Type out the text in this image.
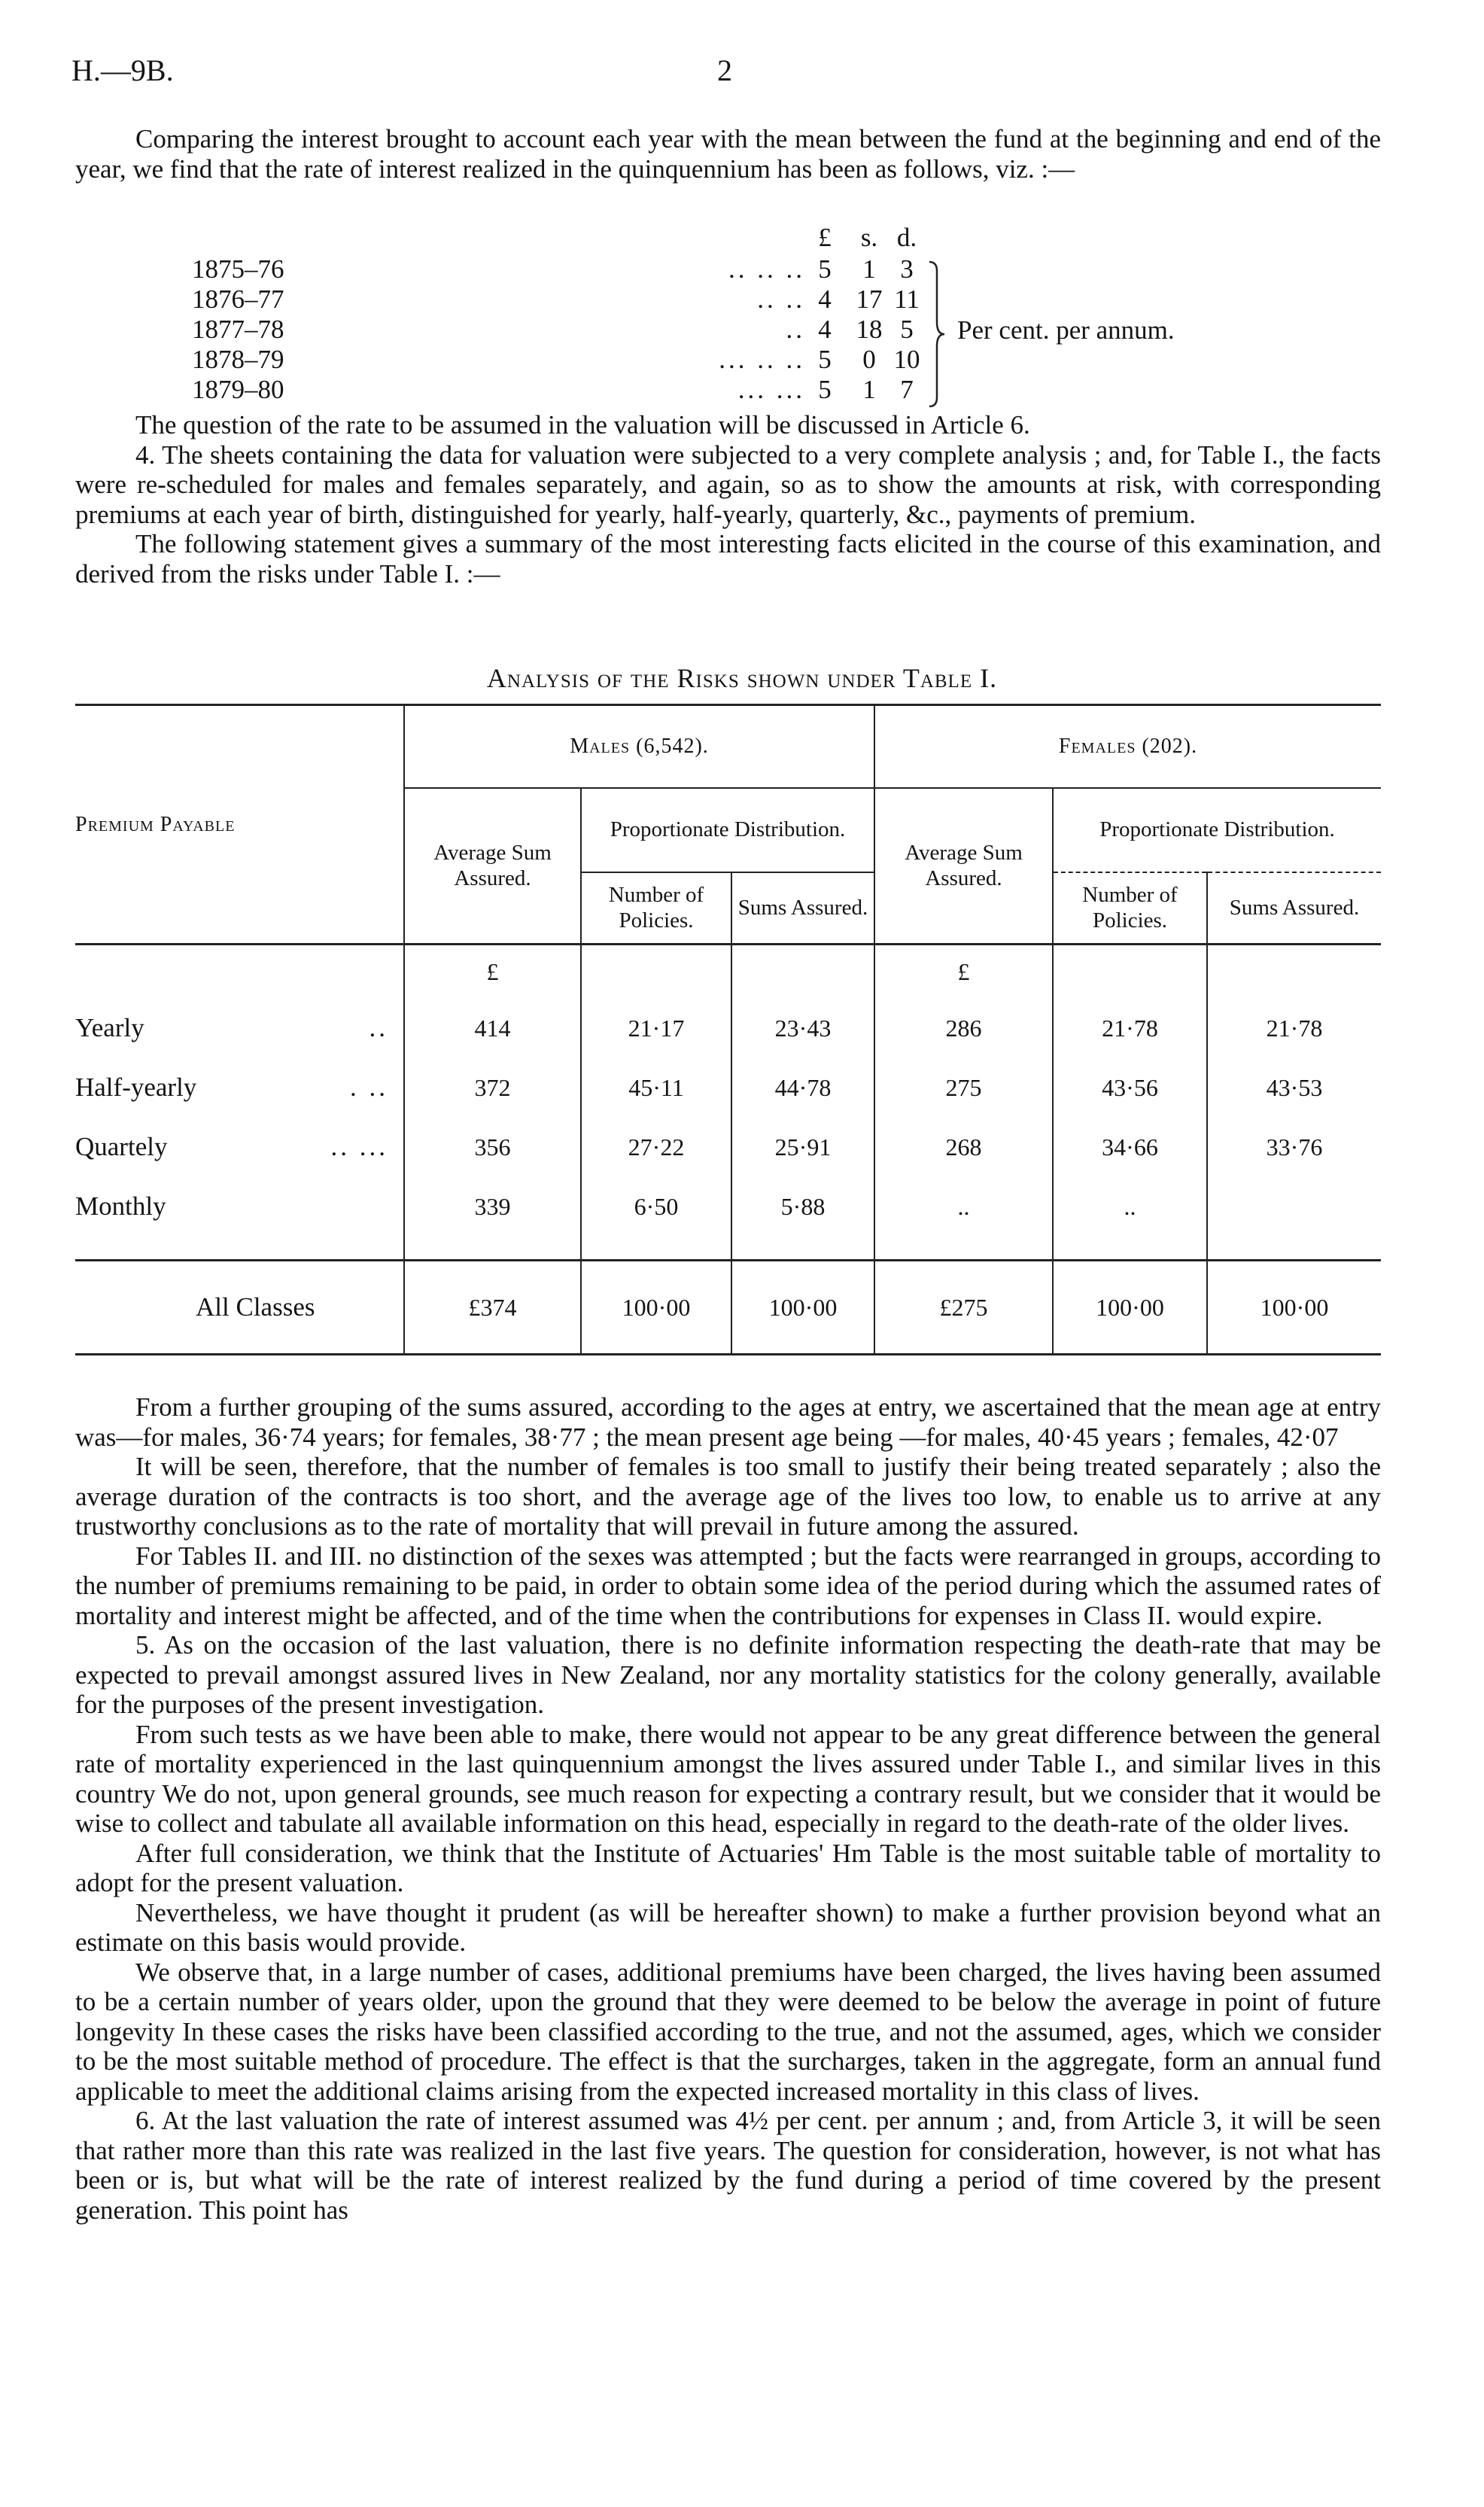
H.—9B.	2

Comparing the interest brought to account each year with the mean between the fund at the beginning and end of the year, we find that the rate of interest realized in the quinquennium has been as follows, viz. :—

£	s. d.
1875–76	.. .. .. 5	1 3
1876–77	.. .. 4 17 11
1877–78	.. 4 18 5
1878–79	... .. .. 5	0 10
1879–80	... ... 5	1 7
Per cent. per annum.

The question of the rate to be assumed in the valuation will be discussed in Article 6.

4. The sheets containing the data for valuation were subjected to a very complete analysis ; and, for Table I., the facts were re-scheduled for males and females separately, and again, so as to show the amounts at risk, with corresponding premiums at each year of birth, distinguished for yearly, half-yearly, quarterly, &c., payments of premium.

The following statement gives a summary of the most interesting facts elicited in the course of this examination, and derived from the risks under Table I. :—

Analysis of the Risks shown under Table I.
Premium Payable	Males (6,542).			Females (202).		
	Average Sum Assured.	Proportionate Distribution.		Average Sum Assured.	Proportionate Distribution.	
		Number of Policies.	Sums Assured.		Number of Policies.	Sums Assured.
	£			£		
Yearly ..	414	21·17	23·43	286	21·78	21·78
Half-yearly . ..	372	45·11	44·78	275	43·56	43·53
Quartely .. ...	356	27·22	25·91	268	34·66	33·76
Monthly	339	6·50	5·88	..	..	

All Classes	£374	100·00	100·00	£275	100·00	100·00

From a further grouping of the sums assured, according to the ages at entry, we ascertained that the mean age at entry was—for males, 36·74 years; for females, 38·77 ; the mean present age being —for males, 40·45 years ; females, 42·07

It will be seen, therefore, that the number of females is too small to justify their being treated separately ; also the average duration of the contracts is too short, and the average age of the lives too low, to enable us to arrive at any trustworthy conclusions as to the rate of mortality that will prevail in future among the assured.

For Tables II. and III. no distinction of the sexes was attempted ; but the facts were rearranged in groups, according to the number of premiums remaining to be paid, in order to obtain some idea of the period during which the assumed rates of mortality and interest might be affected, and of the time when the contributions for expenses in Class II. would expire.

5. As on the occasion of the last valuation, there is no definite information respecting the death-rate that may be expected to prevail amongst assured lives in New Zealand, nor any mortality statistics for the colony generally, available for the purposes of the present investigation.

From such tests as we have been able to make, there would not appear to be any great difference between the general rate of mortality experienced in the last quinquennium amongst the lives assured under Table I., and similar lives in this country We do not, upon general grounds, see much reason for expecting a contrary result, but we consider that it would be wise to collect and tabulate all available information on this head, especially in regard to the death-rate of the older lives.

After full consideration, we think that the Institute of Actuaries' Hm Table is the most suitable table of mortality to adopt for the present valuation.

Nevertheless, we have thought it prudent (as will be hereafter shown) to make a further provision beyond what an estimate on this basis would provide.

We observe that, in a large number of cases, additional premiums have been charged, the lives having been assumed to be a certain number of years older, upon the ground that they were deemed to be below the average in point of future longevity In these cases the risks have been classified according to the true, and not the assumed, ages, which we consider to be the most suitable method of procedure. The effect is that the surcharges, taken in the aggregate, form an annual fund applicable to meet the additional claims arising from the expected increased mortality in this class of lives.

6. At the last valuation the rate of interest assumed was 4½ per cent. per annum ; and, from Article 3, it will be seen that rather more than this rate was realized in the last five years. The question for consideration, however, is not what has been or is, but what will be the rate of interest realized by the fund during a period of time covered by the present generation. This point has
